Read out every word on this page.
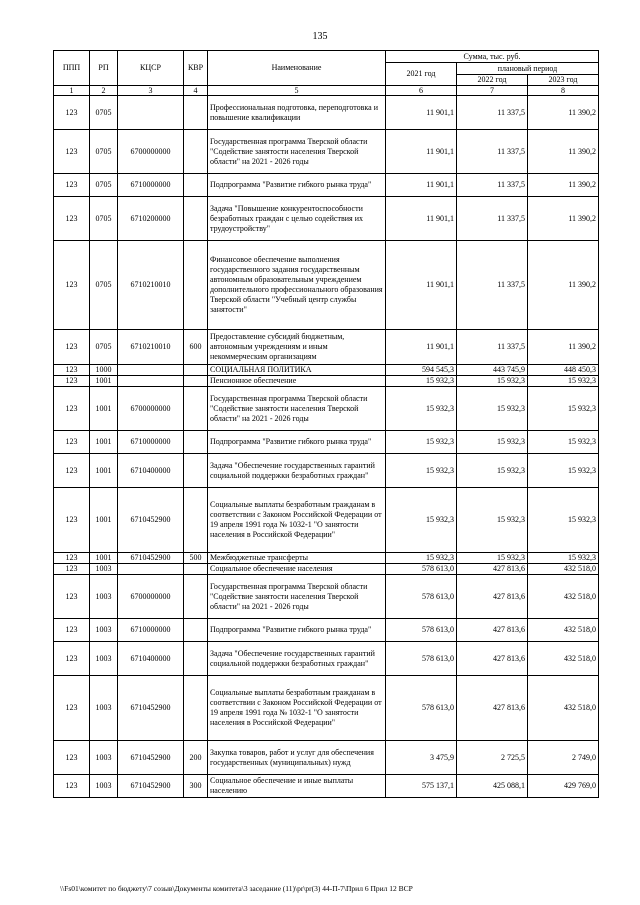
135
ППП	РП	КЦСР	КВР	Наименование	Сумма, тыс. руб.		
					2021 год	плановый период	
						2022 год	2023 год
1	2	3	4	5	6	7	8
123	0705			Профессиональная подготовка, переподготовка и повышение квалификации	11 901,1	11 337,5	11 390,2
123	0705	6700000000		Государственная программа Тверской области "Содействие занятости населения Тверской области" на 2021 - 2026 годы	11 901,1	11 337,5	11 390,2
123	0705	6710000000		Подпрограмма "Развитие гибкого рынка труда"	11 901,1	11 337,5	11 390,2
123	0705	6710200000		Задача "Повышение конкурентоспособности безработных граждан с целью содействия их трудоустройству"	11 901,1	11 337,5	11 390,2
123	0705	6710210010		Финансовое обеспечение выполнения государственного задания государственным автономным образовательным учреждением дополнительного профессионального образования Тверской области "Учебный центр службы занятости"	11 901,1	11 337,5	11 390,2
123	0705	6710210010	600	Предоставление субсидий бюджетным, автономным учреждениям и иным некоммерческим организациям	11 901,1	11 337,5	11 390,2
123	1000			СОЦИАЛЬНАЯ ПОЛИТИКА	594 545,3	443 745,9	448 450,3
123	1001			Пенсионное обеспечение	15 932,3	15 932,3	15 932,3
123	1001	6700000000		Государственная программа Тверской области "Содействие занятости населения Тверской области" на 2021 - 2026 годы	15 932,3	15 932,3	15 932,3
123	1001	6710000000		Подпрограмма "Развитие гибкого рынка труда"	15 932,3	15 932,3	15 932,3
123	1001	6710400000		Задача "Обеспечение государственных гарантий социальной поддержки безработных граждан"	15 932,3	15 932,3	15 932,3
123	1001	6710452900		Социальные выплаты безработным гражданам в соответствии с Законом Российской Федерации от 19 апреля 1991 года № 1032-1 "О занятости населения в Российской Федерации"	15 932,3	15 932,3	15 932,3
123	1001	6710452900	500	Межбюджетные трансферты	15 932,3	15 932,3	15 932,3
123	1003			Социальное обеспечение населения	578 613,0	427 813,6	432 518,0
123	1003	6700000000		Государственная программа Тверской области "Содействие занятости населения Тверской области" на 2021 - 2026 годы	578 613,0	427 813,6	432 518,0
123	1003	6710000000		Подпрограмма "Развитие гибкого рынка труда"	578 613,0	427 813,6	432 518,0
123	1003	6710400000		Задача "Обеспечение государственных гарантий социальной поддержки безработных граждан"	578 613,0	427 813,6	432 518,0
123	1003	6710452900		Социальные выплаты безработным гражданам в соответствии с Законом Российской Федерации от 19 апреля 1991 года № 1032-1 "О занятости населения в Российской Федерации"	578 613,0	427 813,6	432 518,0
123	1003	6710452900	200	Закупка товаров, работ и услуг для обеспечения государственных (муниципальных) нужд	3 475,9	2 725,5	2 749,0
123	1003	6710452900	300	Социальное обеспечение и иные выплаты населению	575 137,1	425 088,1	429 769,0
\\Fs01\комитет по бюджету\7 созыв\Документы комитета\3 заседание (11)\pr\pr(3) 44-П-7\Прил 6 Прил 12 ВСР
